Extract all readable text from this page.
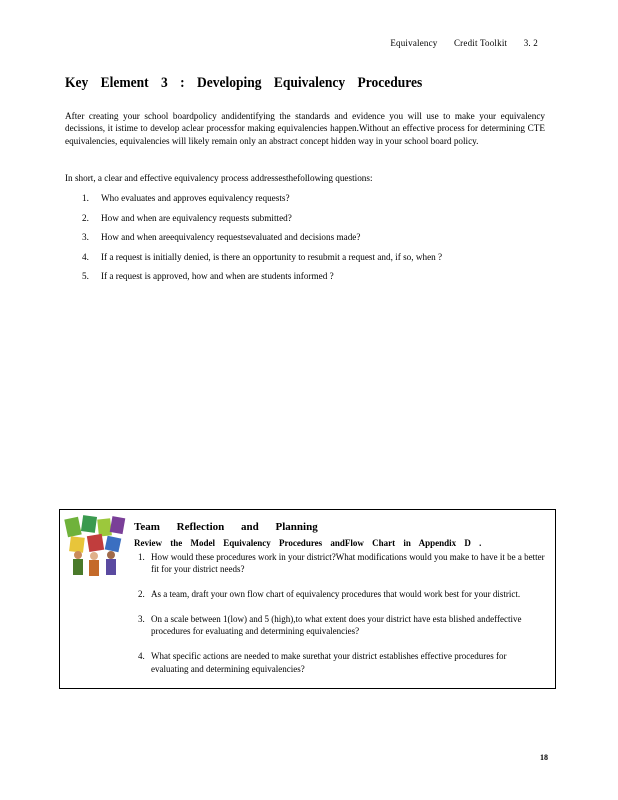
Equivalency Credit Toolkit 3. 2
Key Element 3 : Developing Equivalency Procedures

After creating your school boardpolicy andidentifying the standards and evidence you will use to make your equivalency decissions, it istime to develop aclear processfor making equivalencies happen.Without an effective process for determining CTE equivalencies, equivalencies will likely remain only an abstract concept hidden way in your school board policy.

In short, a clear and effective equivalency process addressesthefollowing questions:

1.	Who evaluates and approves equivalency requests?
2.	How and when are equivalency requests submitted?
3.	How and when areequivalency requestsevaluated and decisions made?
4.	If a request is initially denied, is there an opportunity to resubmit a request and, if so, when ?
5.	If a request is approved, how and when are students informed ?
Team Reflection and Planning
Review the Model Equivalency Procedures andFlow Chart in Appendix D .
1. How would these procedures work in your district?What modifications would you make to have it be a better fit for your district needs?
2. As a team, draft your own flow chart of equivalency procedures that would work best for your district.
3. On a scale between 1(low) and 5 (high),to what extent does your district have esta blished andeffective procedures for evaluating and determining equivalencies?
4. What specific actions are needed to make surethat your district establishes effective procedures for evaluating and determining equivalencies?
18
